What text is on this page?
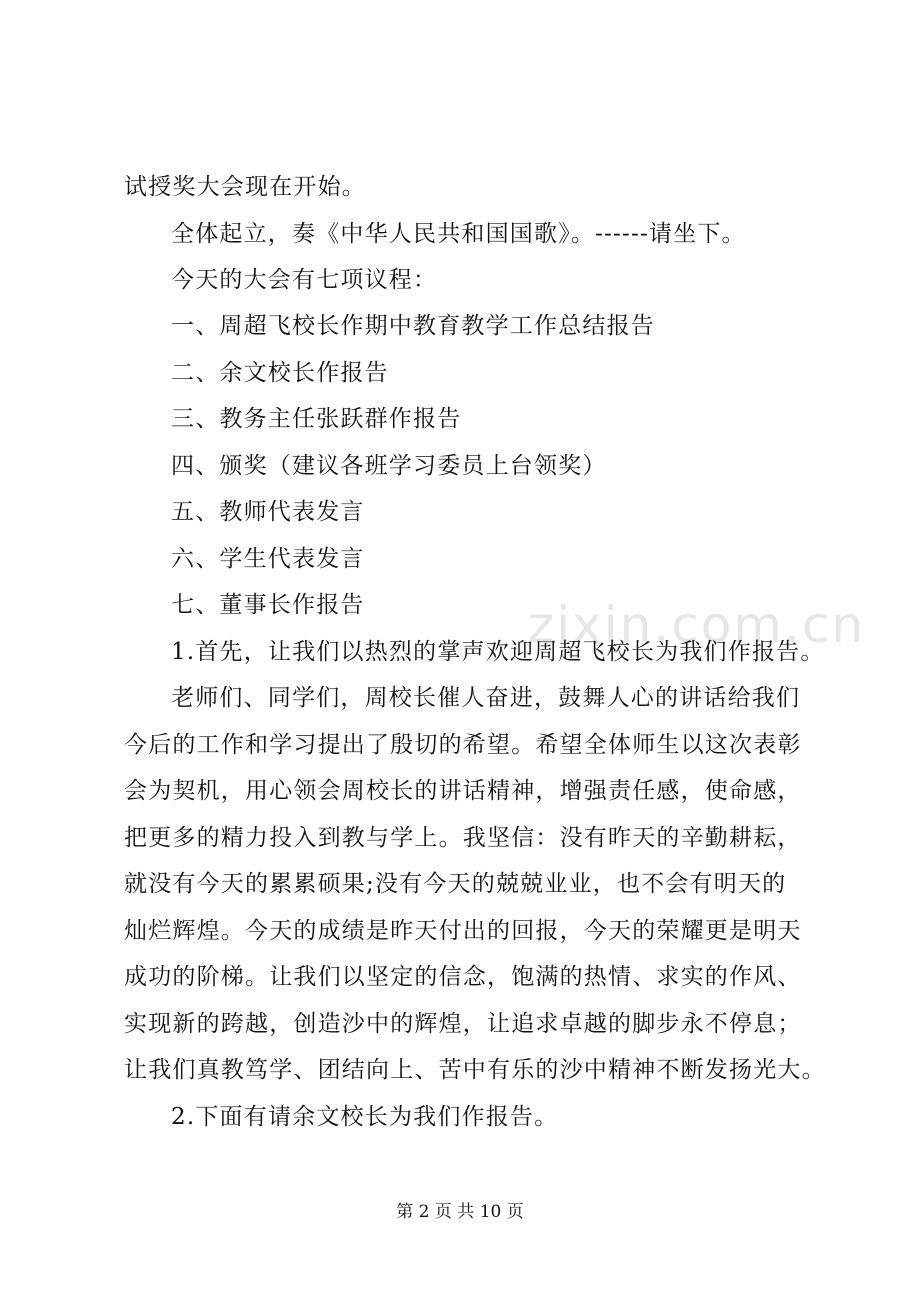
zixin.com.cn
试授奖大会现在开始。
全体起立，奏《中华人民共和国国歌》。------请坐下。
今天的大会有七项议程：
一、周超飞校长作期中教育教学工作总结报告
二、余文校长作报告
三、教务主任张跃群作报告
四、颁奖（建议各班学习委员上台领奖）
五、教师代表发言
六、学生代表发言
七、董事长作报告
1.首先，让我们以热烈的掌声欢迎周超飞校长为我们作报告。
老师们、同学们，周校长催人奋进，鼓舞人心的讲话给我们
今后的工作和学习提出了殷切的希望。希望全体师生以这次表彰
会为契机，用心领会周校长的讲话精神，增强责任感，使命感，
把更多的精力投入到教与学上。我坚信：没有昨天的辛勤耕耘，
就没有今天的累累硕果;没有今天的兢兢业业，也不会有明天的
灿烂辉煌。今天的成绩是昨天付出的回报，今天的荣耀更是明天
成功的阶梯。让我们以坚定的信念，饱满的热情、求实的作风、
实现新的跨越，创造沙中的辉煌，让追求卓越的脚步永不停息；
让我们真教笃学、团结向上、苦中有乐的沙中精神不断发扬光大。
2.下面有请余文校长为我们作报告。
第 2 页 共 10 页
